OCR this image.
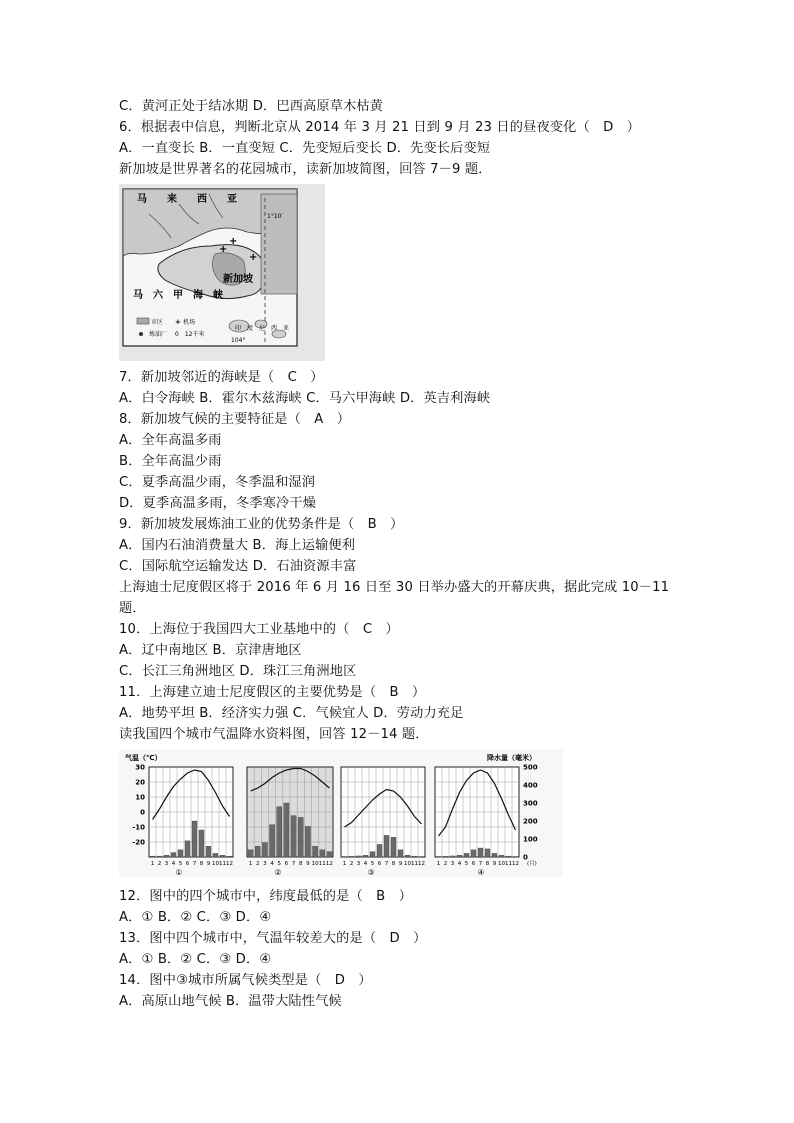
C．黄河正处于结冰期 D．巴西高原草木枯黄
6．根据表中信息，判断北京从 2014 年 3 月 21 日到 9 月 23 日的昼夜变化（　D　）
A．一直变长 B．一直变短 C．先变短后变长 D．先变长后变短
新加坡是世界著名的花园城市，读新加坡简图，回答 7－9 题．
+
+
+
马　　来　　西　　亚
1°10′
新加坡
马　六　甲　海　峡
市区
炼油厂
+ 机场
0　12千米
印　度　尼　西　亚
104°
7．新加坡邻近的海峡是（　C　）
A．白令海峡 B．霍尔木兹海峡 C．马六甲海峡 D．英吉利海峡
8．新加坡气候的主要特征是（　A　）
A．全年高温多雨
B．全年高温少雨
C．夏季高温少雨，冬季温和湿润
D．夏季高温多雨，冬季寒冷干燥
9．新加坡发展炼油工业的优势条件是（　B　）
A．国内石油消费量大 B．海上运输便利
C．国际航空运输发达 D．石油资源丰富
上海迪士尼度假区将于 2016 年 6 月 16 日至 30 日举办盛大的开幕庆典，据此完成 10－11
题．
10．上海位于我国四大工业基地中的（　C　）
A．辽中南地区 B．京津唐地区
C．长江三角洲地区 D．珠江三角洲地区
11．上海建立迪士尼度假区的主要优势是（　B　）
A．地势平坦 B．经济实力强 C．气候宜人 D．劳动力充足
读我国四个城市气温降水资料图，回答 12－14 题．
气温（℃）	降水量（毫米）
30
20
10
0
-10
-20
500
400
300
200
100
0
1 2 3 4 5 6 7 8 9 10 11 12
①
1 2 3 4 5 6 7 8 9 10 11 12
②
1 2 3 4 5 6 7 8 9 10 11 12
③
1 2 3 4 5 6 7 8 9 10 11 12
④
(月)
12．图中的四个城市中，纬度最低的是（　B　）
A．① B．② C．③ D．④
13．图中四个城市中，气温年较差大的是（　D　）
A．① B．② C．③ D．④
14．图中③城市所属气候类型是（　D　）
A．高原山地气候 B．温带大陆性气候
